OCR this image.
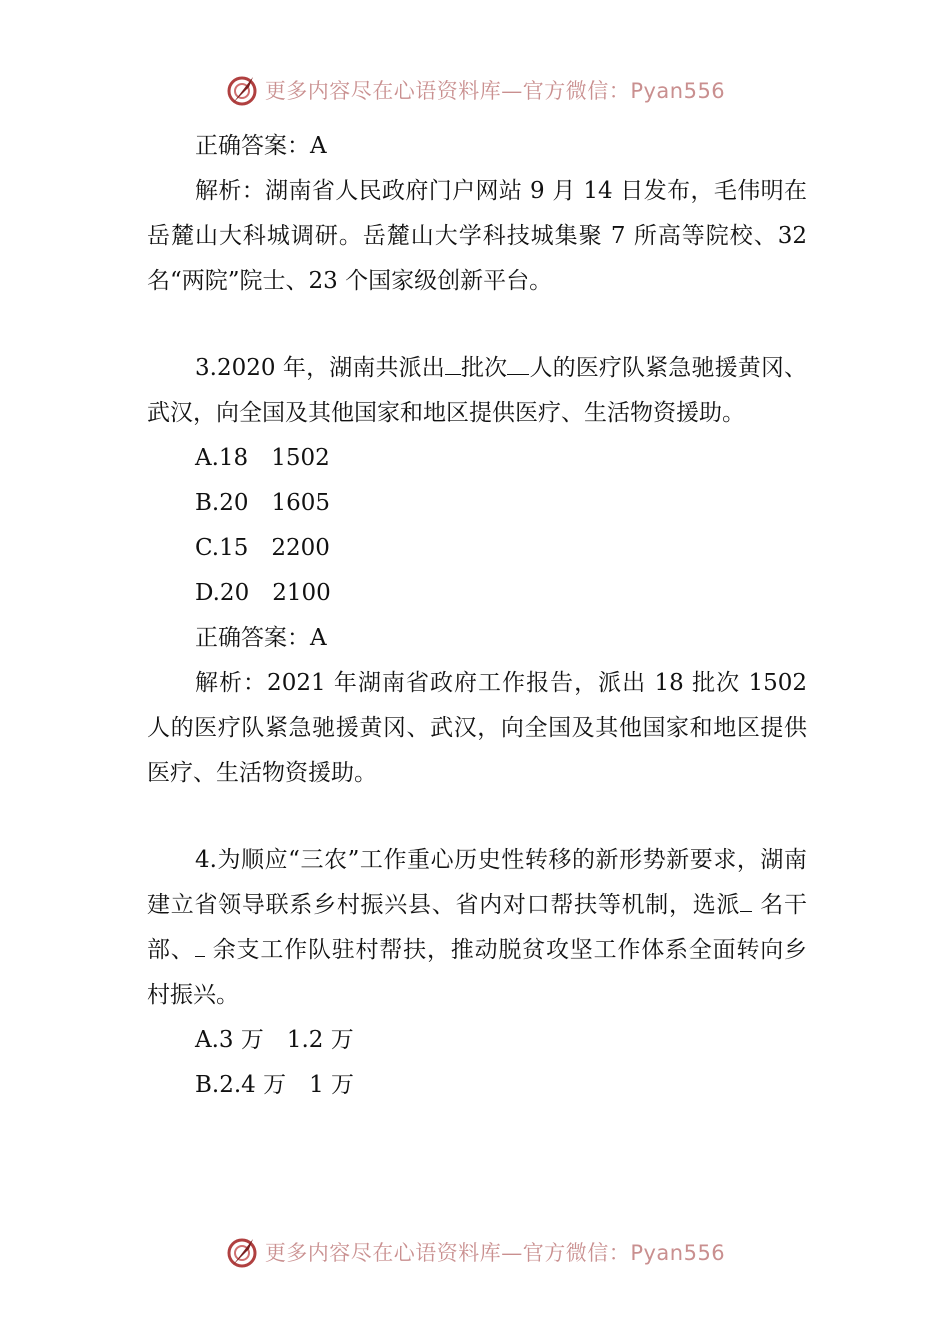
更多内容尽在心语资料库—官方微信：Pyan556

正确答案：A

解析：湖南省人民政府门户网站 9 月 14 日发布，毛伟明在岳麓山大科城调研。岳麓山大学科技城集聚 7 所高等院校、32 名“两院”院士、23 个国家级创新平台。

3.2020 年，湖南共派出 批次 人的医疗队紧急驰援黄冈、武汉，向全国及其他国家和地区提供医疗、生活物资援助。

A.18　1502

B.20　1605

C.15　2200

D.20　2100

正确答案：A

解析：2021 年湖南省政府工作报告，派出 18 批次 1502 人的医疗队紧急驰援黄冈、武汉，向全国及其他国家和地区提供医疗、生活物资援助。

4.为顺应“三农”工作重心历史性转移的新形势新要求，湖南建立省领导联系乡村振兴县、省内对口帮扶等机制，选派 名干部、 余支工作队驻村帮扶，推动脱贫攻坚工作体系全面转向乡村振兴。

A.3 万　1.2 万

B.2.4 万　1 万

更多内容尽在心语资料库—官方微信：Pyan556
